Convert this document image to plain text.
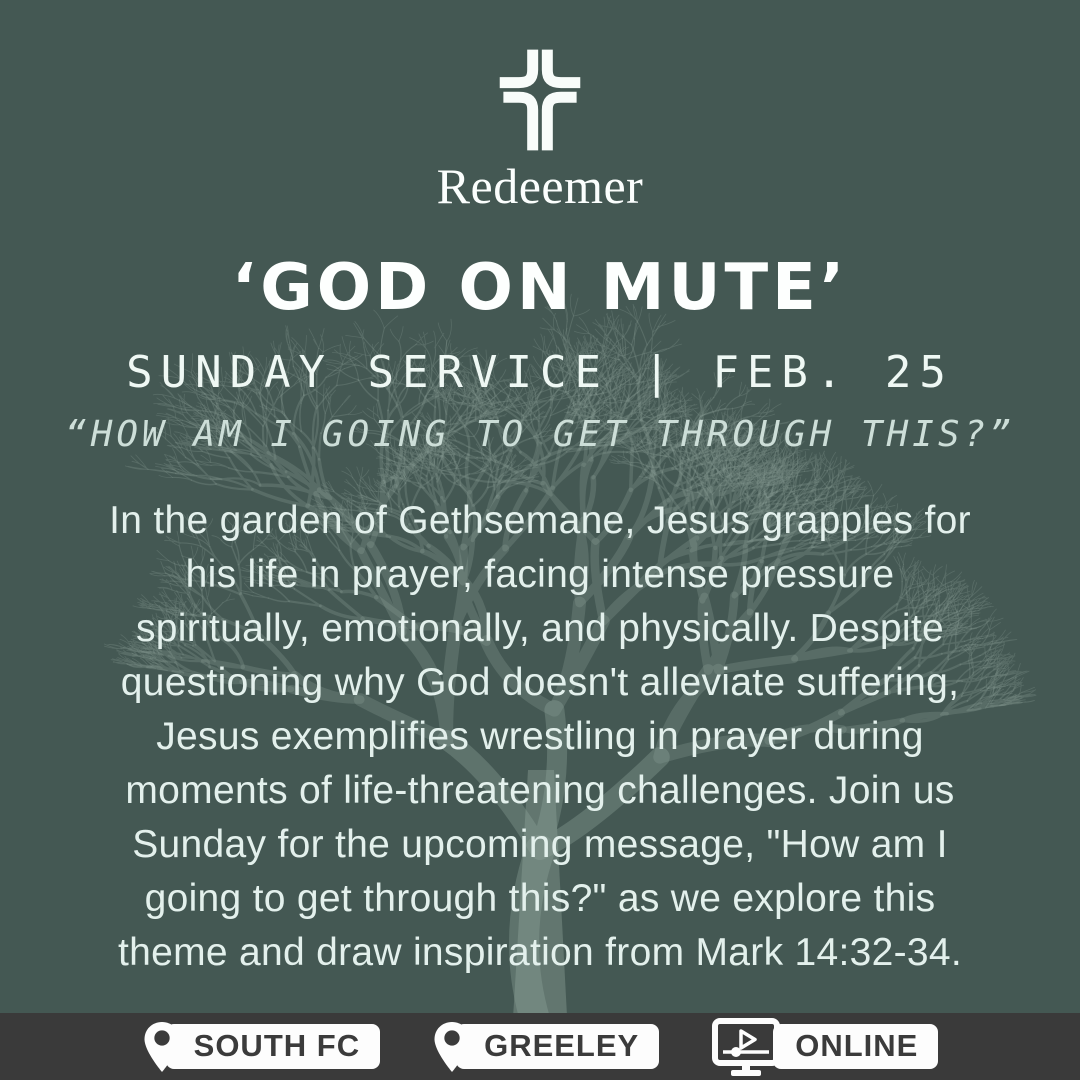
Redeemer
‘GOD ON MUTE’
SUNDAY SERVICE | FEB. 25
“HOW AM I GOING TO GET THROUGH THIS?”
In the garden of Gethsemane, Jesus grapples for
his life in prayer, facing intense pressure
spiritually, emotionally, and physically. Despite
questioning why God doesn't alleviate suffering,
Jesus exemplifies wrestling in prayer during
moments of life-threatening challenges. Join us
Sunday for the upcoming message, "How am I
going to get through this?" as we explore this
theme and draw inspiration from Mark 14:32-34.
SOUTH FC	GREELEY	ONLINE
